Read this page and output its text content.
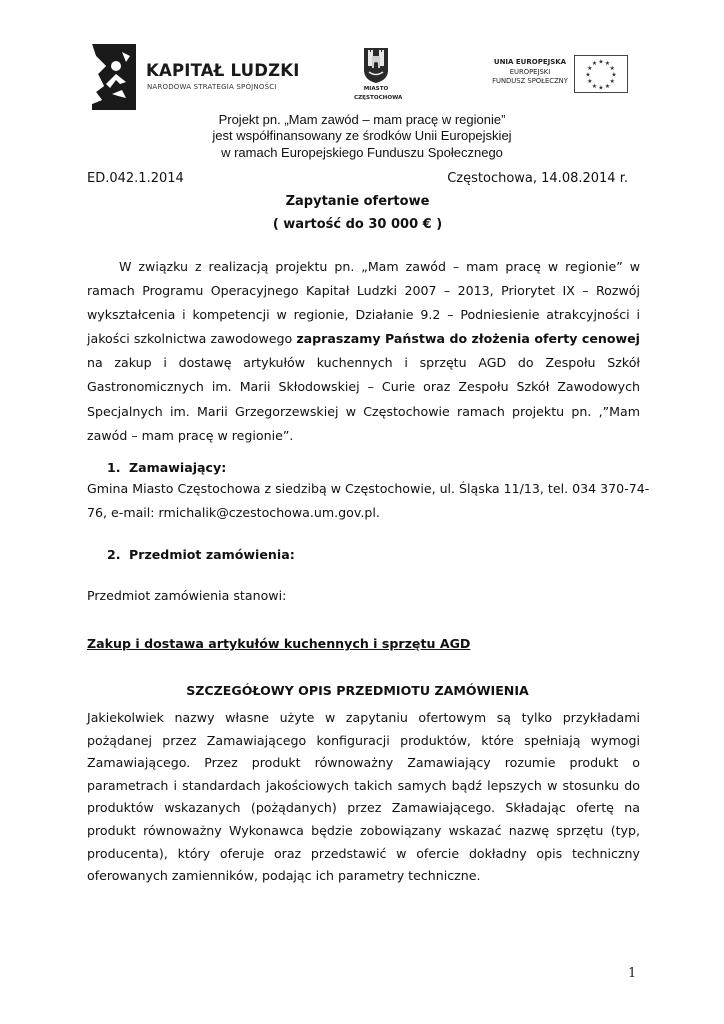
KAPITAŁ LUDZKI
NARODOWA STRATEGIA SPÓJNOŚCI	MIASTO
CZĘSTOCHOWA
UNIA EUROPEJSKA
EUROPEJSKI
FUNDUSZ SPOŁECZNY
★ ★
★
★
★
★
★
★
★
★
★
★
Projekt pn. „Mam zawód – mam pracę w regionie”
jest współfinansowany ze środków Unii Europejskiej
w ramach Europejskiego Funduszu Społecznego
ED.042.1.2014	Częstochowa, 14.08.2014 r.
Zapytanie ofertowe
( wartość do 30 000 € )

W związku z realizacją projektu pn. „Mam zawód – mam pracę w regionie” w ramach Programu Operacyjnego Kapitał Ludzki 2007 – 2013, Priorytet IX – Rozwój wykształcenia i kompetencji w regionie, Działanie 9.2 – Podniesienie atrakcyjności i jakości szkolnictwa zawodowego zapraszamy Państwa do złożenia oferty cenowej na zakup i dostawę artykułów kuchennych i sprzętu AGD do Zespołu Szkół Gastronomicznych im. Marii Skłodowskiej – Curie oraz Zespołu Szkół Zawodowych Specjalnych im. Marii Grzegorzewskiej w Częstochowie ramach projektu pn. ,”Mam zawód – mam pracę w regionie”.

1. Zamawiający:
Gmina Miasto Częstochowa z siedzibą w Częstochowie, ul. Śląska 11/13, tel. 034 370-74-
76, e-mail: rmichalik@czestochowa.um.gov.pl.
2. Przedmiot zamówienia:
Przedmiot zamówienia stanowi:
Zakup i dostawa artykułów kuchennych i sprzętu AGD
SZCZEGÓŁOWY OPIS PRZEDMIOTU ZAMÓWIENIA

Jakiekolwiek nazwy własne użyte w zapytaniu ofertowym są tylko przykładami pożądanej przez Zamawiającego konfiguracji produktów, które spełniają wymogi Zamawiającego. Przez produkt równoważny Zamawiający rozumie produkt o parametrach i standardach jakościowych takich samych bądź lepszych w stosunku do produktów wskazanych (pożądanych) przez Zamawiającego. Składając ofertę na produkt równoważny Wykonawca będzie zobowiązany wskazać nazwę sprzętu (typ, producenta), który oferuje oraz przedstawić w ofercie dokładny opis techniczny oferowanych zamienników, podając ich parametry techniczne.

1
